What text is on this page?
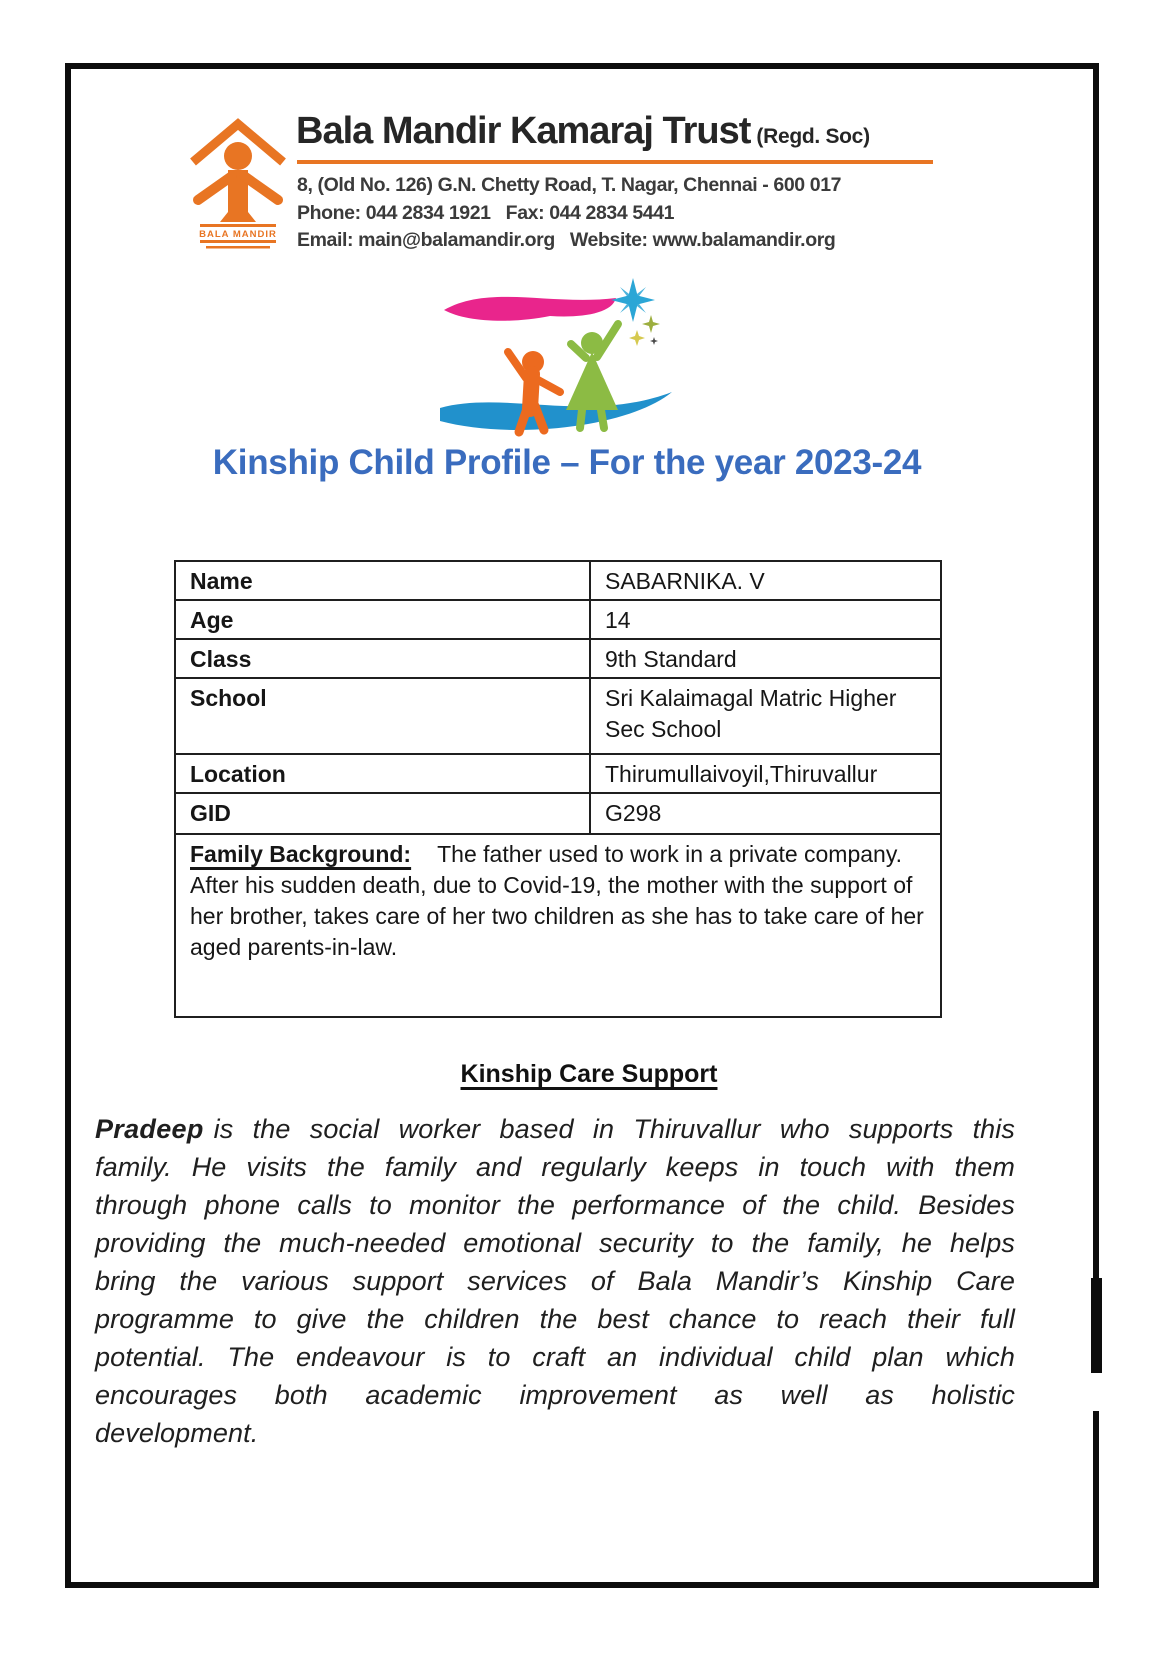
BALA MANDIR
Bala Mandir Kamaraj Trust (Regd. Soc)
8, (Old No. 126) G.N. Chetty Road, T. Nagar, Chennai - 600 017
Phone: 044 2834 1921   Fax: 044 2834 5441
Email: main@balamandir.org   Website: www.balamandir.org
Kinship Child Profile – For the year 2023-24
Name	SABARNIKA. V
Age	14
Class	9th Standard
School	Sri Kalaimagal Matric Higher Sec School
Location	Thirumullaivoyil,Thiruvallur
GID	G298
Family Background: The father used to work in a private company. After his sudden death, due to Covid-19, the mother with the support of her brother, takes care of her two children as she has to take care of her aged parents-in-law.	
Kinship Care Support

Pradeep is the social worker based in Thiruvallur who supports this family. He visits the family and regularly keeps in touch with them through phone calls to monitor the performance of the child. Besides providing the much-needed emotional security to the family, he helps bring the various support services of Bala Mandir’s Kinship Care programme to give the children the best chance to reach their full potential. The endeavour is to craft an individual child plan which encourages both academic improvement as well as holistic development.
